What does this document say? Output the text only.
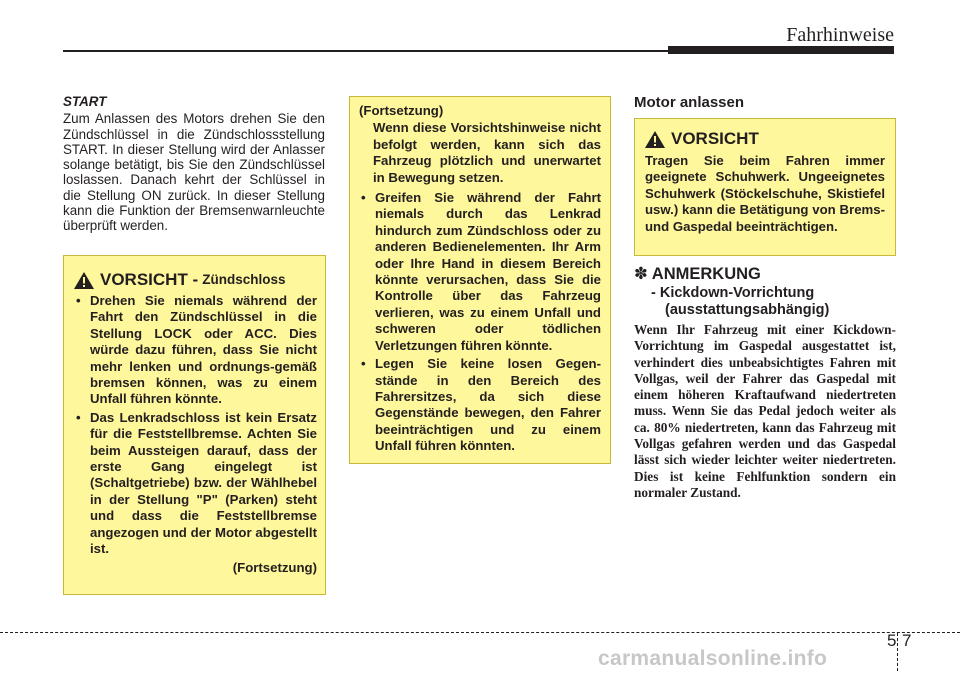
Fahrhinweise
START

Zum Anlassen des Motors drehen Sie den Zündschlüssel in die Zündschlossstellung START. In dieser Stellung wird der Anlasser solange betätigt, bis Sie den Zündschlüssel loslassen. Danach kehrt der Schlüssel in die Stellung ON zurück. In dieser Stellung kann die Funktion der Bremsenwarnleuchte überprüft werden.

VORSICHT - Zündschloss
• Drehen Sie niemals während der Fahrt den Zündschlüssel in die Stellung LOCK oder ACC. Dies würde dazu führen, dass Sie nicht mehr lenken und ordnungs-gemäß bremsen können, was zu einem Unfall führen könnte.
• Das Lenkradschloss ist kein Ersatz für die Feststellbremse. Achten Sie beim Aussteigen darauf, dass der erste Gang eingelegt ist (Schaltgetriebe) bzw. der Wählhebel in der Stellung "P" (Parken) steht und dass die Feststellbremse angezogen und der Motor abgestellt ist.
(Fortsetzung)
(Fortsetzung)
Wenn diese Vorsichtshinweise nicht befolgt werden, kann sich das Fahrzeug plötzlich und unerwartet in Bewegung setzen.
• Greifen Sie während der Fahrt niemals durch das Lenkrad hindurch zum Zündschloss oder zu anderen Bedienelementen. Ihr Arm oder Ihre Hand in diesem Bereich könnte verursachen, dass Sie die Kontrolle über das Fahrzeug verlieren, was zu einem Unfall und schweren oder tödlichen Verletzungen führen könnte.
• Legen Sie keine losen Gegen-stände in den Bereich des Fahrersitzes, da sich diese Gegenstände bewegen, den Fahrer beeinträchtigen und zu einem Unfall führen könnten.
Motor anlassen
VORSICHT
Tragen Sie beim Fahren immer geeignete Schuhwerk. Ungeeignetes Schuhwerk (Stöckelschuhe, Skistiefel usw.) kann die Betätigung von Brems- und Gaspedal beeinträchtigen.
✽ ANMERKUNG
- Kickdown-Vorrichtung
(ausstattungsabhängig)

Wenn Ihr Fahrzeug mit einer Kickdown-Vorrichtung im Gaspedal ausgestattet ist, verhindert dies unbeabsichtigtes Fahren mit Vollgas, weil der Fahrer das Gaspedal mit einem höheren Kraftaufwand niedertreten muss. Wenn Sie das Pedal jedoch weiter als ca. 80% niedertreten, kann das Fahrzeug mit Vollgas gefahren werden und das Gaspedal lässt sich wieder leichter weiter niedertreten. Dies ist keine Fehlfunktion sondern ein normaler Zustand.

5 7
carmanualsonline.info
